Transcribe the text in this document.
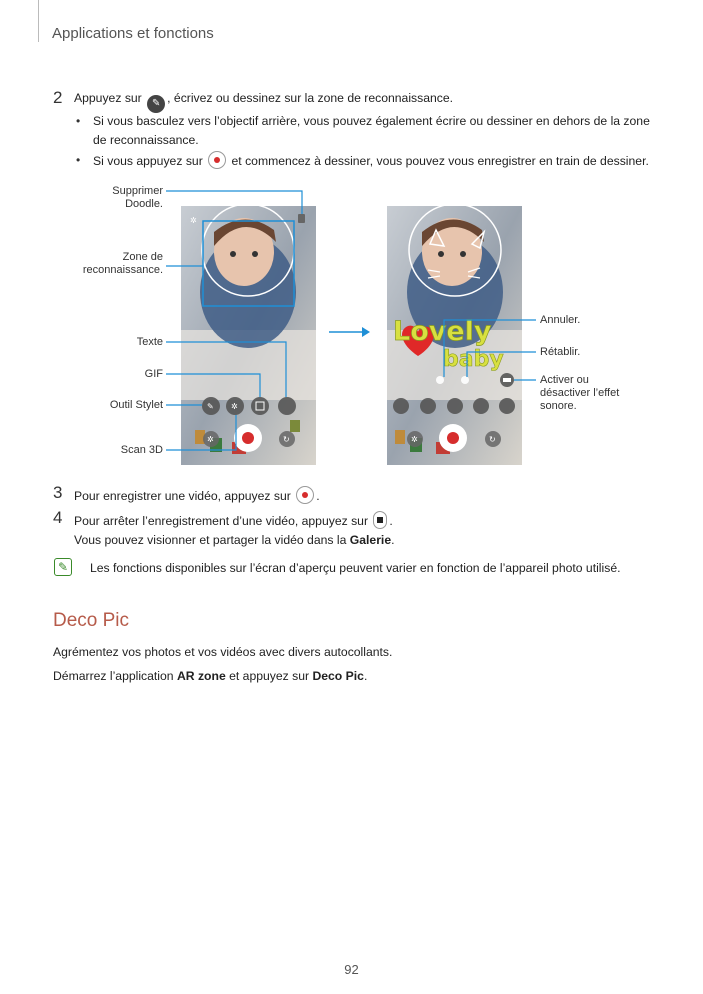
Applications et fonctions
2 Appuyez sur ✎ , écrivez ou dessinez sur la zone de reconnaissance.
• Si vous basculez vers l’objectif arrière, vous pouvez également écrire ou dessiner en dehors de la zone
de reconnaissance.
• Si vous appuyez sur et commencez à dessiner, vous pouvez vous enregistrer en train de dessiner.
✲
✎ ✲
✲	↻
Lovely
baby
✲	↻
Supprimer
Doodle.
Zone de
reconnaissance.
Texte
GIF
Outil Stylet
Scan 3D
Annuler.
Rétablir.
Activer ou
désactiver l’effet
sonore.
3 Pour enregistrer une vidéo, appuyez sur .
4 Pour arrêter l’enregistrement d’une vidéo, appuyez sur .
Vous pouvez visionner et partager la vidéo dans la Galerie.
✎	Les fonctions disponibles sur l’écran d’aperçu peuvent varier en fonction de l’appareil photo utilisé.
Deco Pic
Agrémentez vos photos et vos vidéos avec divers autocollants.
Démarrez l’application AR zone et appuyez sur Deco Pic.
92
